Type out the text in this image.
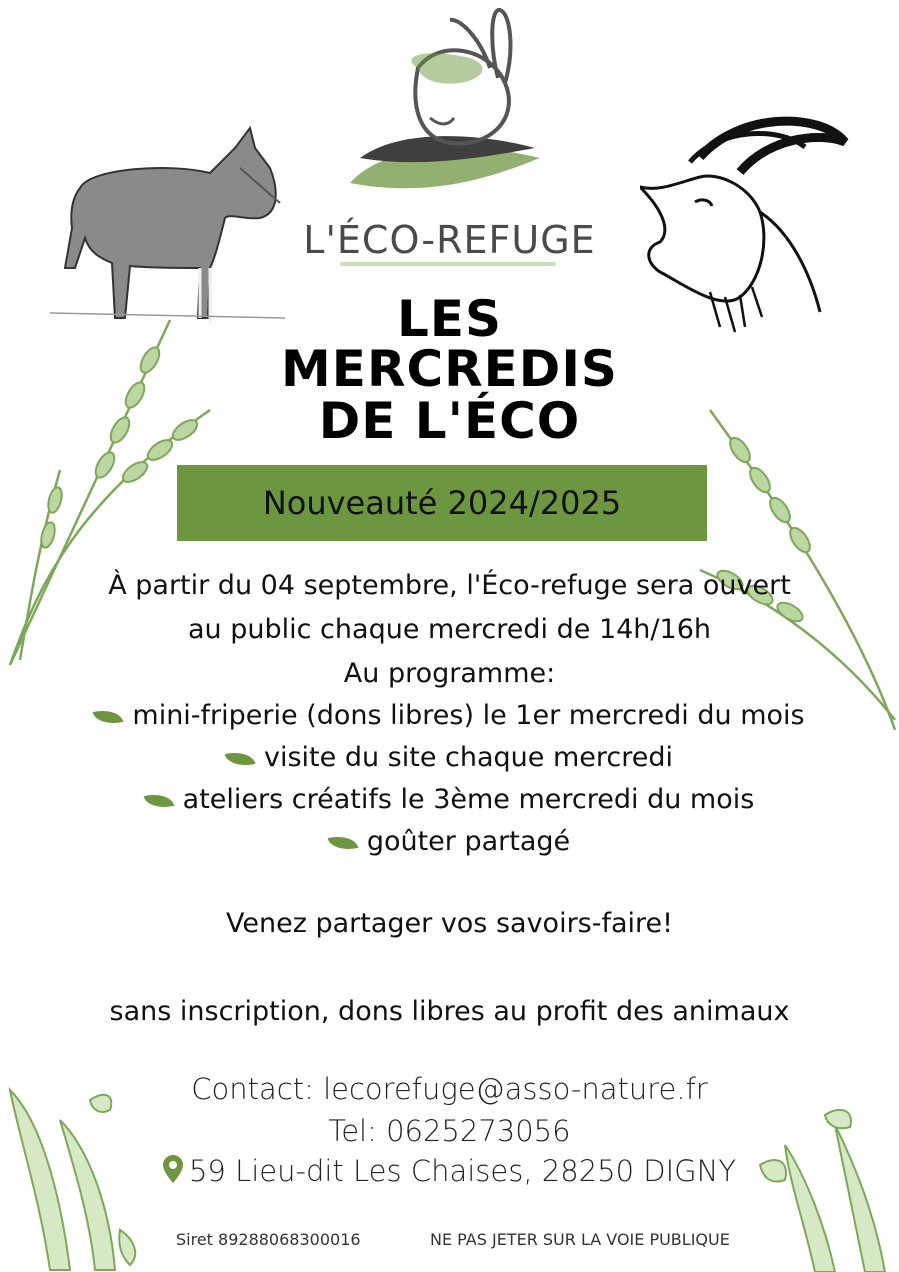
L'ÉCO-REFUGE
LES
MERCREDIS
DE L'ÉCO
Nouveauté 2024/2025
À partir du 04 septembre, l'Éco-refuge sera ouvert
au public chaque mercredi de 14h/16h
Au programme:
mini-friperie (dons libres) le 1er mercredi du mois
visite du site chaque mercredi
ateliers créatifs le 3ème mercredi du mois
goûter partagé
Venez partager vos savoirs-faire!
sans inscription, dons libres au profit des animaux
Contact: lecorefuge@asso-nature.fr
Tel: 0625273056
59 Lieu-dit Les Chaises, 28250 DIGNY
Siret 89288068300016	NE PAS JETER SUR LA VOIE PUBLIQUE
